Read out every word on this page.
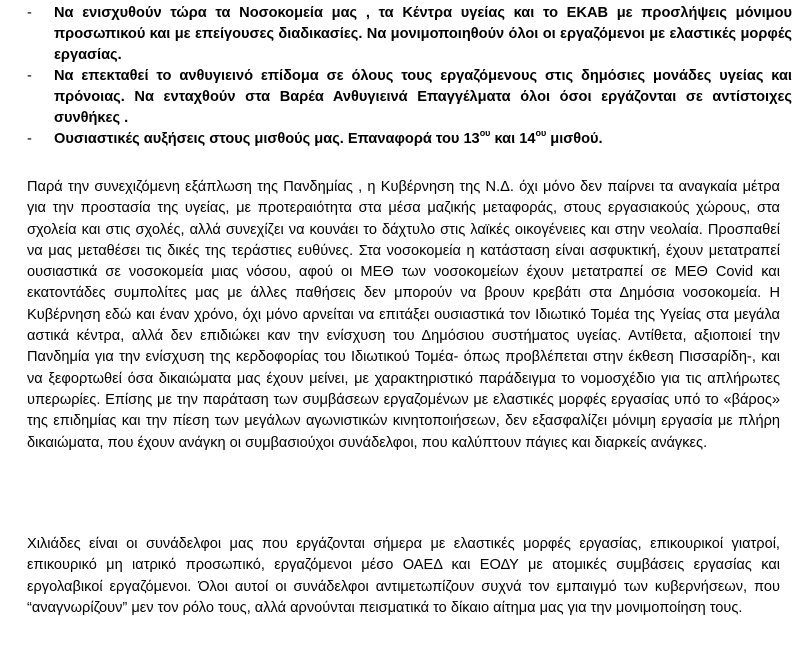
- Να ενισχυθούν τώρα τα Νοσοκομεία μας , τα Κέντρα υγείας και το ΕΚΑΒ με προσλήψεις μόνιμου προσωπικού και με επείγουσες διαδικασίες. Να μονιμοποιηθούν όλοι οι εργαζόμενοι με ελαστικές μορφές εργασίας.
- Να επεκταθεί το ανθυγιεινό επίδομα σε όλους τους εργαζόμενους στις δημόσιες μονάδες υγείας και πρόνοιας. Να ενταχθούν στα Βαρέα Ανθυγιεινά Επαγγέλματα όλοι όσοι εργάζονται σε αντίστοιχες συνθήκες .
- Ουσιαστικές αυξήσεις στους μισθούς μας. Επαναφορά του $13^{o\upsilon}$ και $14^{o\upsilon}$ μισθού.

Παρά την συνεχιζόμενη εξάπλωση της Πανδημίας , η Κυβέρνηση της Ν.Δ. όχι μόνο δεν παίρνει τα αναγκαία μέτρα για την προστασία της υγείας, με προτεραιότητα στα μέσα μαζικής μεταφοράς, στους εργασιακούς χώρους, στα σχολεία και στις σχολές, αλλά συνεχίζει να κουνάει το δάχτυλο στις λαϊκές οικογένειες και στην νεολαία. Προσπαθεί να μας μεταθέσει τις δικές της τεράστιες ευθύνες. Στα νοσοκομεία η κατάσταση είναι ασφυκτική, έχουν μετατραπεί ουσιαστικά σε νοσοκομεία μιας νόσου, αφού οι ΜΕΘ των νοσοκομείων έχουν μετατραπεί σε ΜΕΘ Covid και εκατοντάδες συμπολίτες μας με άλλες παθήσεις δεν μπορούν να βρουν κρεβάτι στα Δημόσια νοσοκομεία. Η Κυβέρνηση εδώ και έναν χρόνο, όχι μόνο αρνείται να επιτάξει ουσιαστικά τον Ιδιωτικό Τομέα της Υγείας στα μεγάλα αστικά κέντρα, αλλά δεν επιδιώκει καν την ενίσχυση του Δημόσιου συστήματος υγείας. Αντίθετα, αξιοποιεί την Πανδημία για την ενίσχυση της κερδοφορίας του Ιδιωτικού Τομέα- όπως προβλέπεται στην έκθεση Πισσαρίδη-, και να ξεφορτωθεί όσα δικαιώματα μας έχουν μείνει, με χαρακτηριστικό παράδειγμα το νομοσχέδιο για τις απλήρωτες υπερωρίες. Επίσης με την παράταση των συμβάσεων εργαζομένων με ελαστικές μορφές εργασίας υπό το «βάρος» της επιδημίας και την πίεση των μεγάλων αγωνιστικών κινητοποιήσεων, δεν εξασφαλίζει μόνιμη εργασία με πλήρη δικαιώματα, που έχουν ανάγκη οι συμβασιούχοι συνάδελφοι, που καλύπτουν πάγιες και διαρκείς ανάγκες.

Χιλιάδες είναι οι συνάδελφοι μας που εργάζονται σήμερα με ελαστικές μορφές εργασίας, επικουρικοί γιατροί, επικουρικό μη ιατρικό προσωπικό, εργαζόμενοι μέσο ΟΑΕΔ και ΕΟΔΥ με ατομικές συμβάσεις εργασίας και εργολαβικοί εργαζόμενοι. Όλοι αυτοί οι συνάδελφοι αντιμετωπίζουν συχνά τον εμπαιγμό των κυβερνήσεων, που “αναγνωρίζουν” μεν τον ρόλο τους, αλλά αρνούνται πεισματικά το δίκαιο αίτημα μας για την μονιμοποίηση τους.
